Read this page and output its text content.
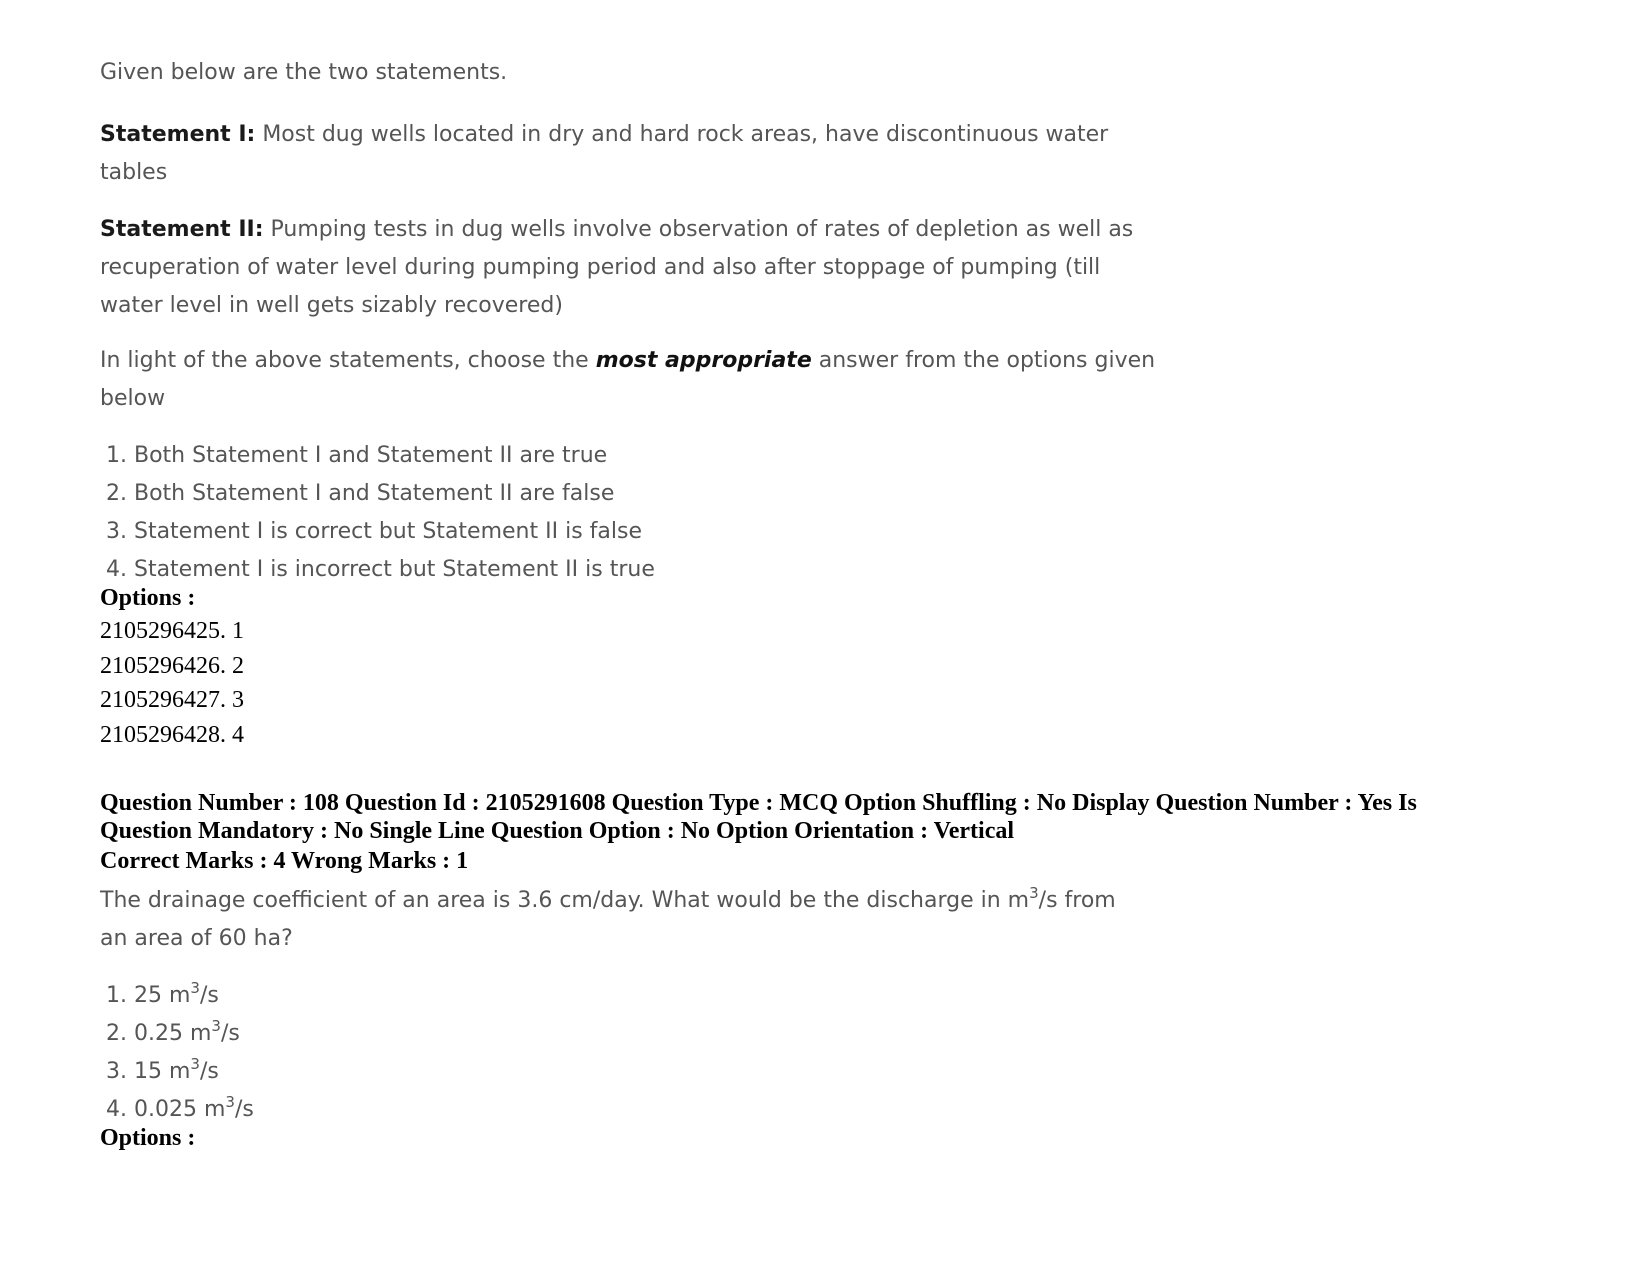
Given below are the two statements.
Statement I: Most dug wells located in dry and hard rock areas, have discontinuous water
tables
Statement II: Pumping tests in dug wells involve observation of rates of depletion as well as
recuperation of water level during pumping period and also after stoppage of pumping (till
water level in well gets sizably recovered)
In light of the above statements, choose the most appropriate answer from the options given
below
1. Both Statement I and Statement II are true
2. Both Statement I and Statement II are false
3. Statement I is correct but Statement II is false
4. Statement I is incorrect but Statement II is true
Options :
2105296425. 1
2105296426. 2
2105296427. 3
2105296428. 4
Question Number : 108 Question Id : 2105291608 Question Type : MCQ Option Shuffling : No Display Question Number : Yes Is
Question Mandatory : No Single Line Question Option : No Option Orientation : Vertical
Correct Marks : 4 Wrong Marks : 1
The drainage coefficient of an area is 3.6 cm/day. What would be the discharge in $m^3/s$ from
an area of 60 ha?
1. 25 $m^3/s$
2. 0.25 $m^3/s$
3. 15 $m^3/s$
4. 0.025 $m^3/s$
Options :
